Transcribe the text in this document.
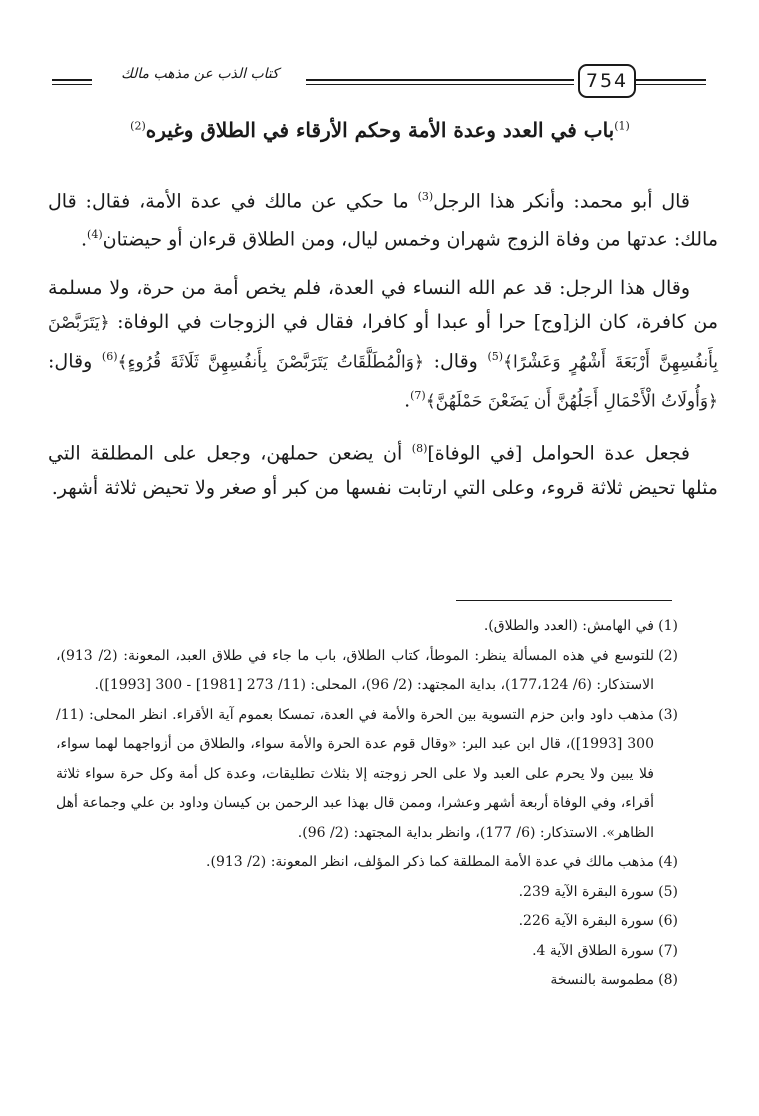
كتاب الذب عن مذهب مالك	754
$^{(1)}$باب في العدد وعدة الأمة وحكم الأرقاء في الطلاق وغيره$^{(2)}$

قال أبو محمد: وأنكر هذا الرجل$^{(3)}$ ما حكي عن مالك في عدة الأمة، فقال: قال مالك: عدتها من وفاة الزوج شهران وخمس ليال، ومن الطلاق قرءان أو حيضتان$^{(4)}$.

وقال هذا الرجل: قد عم الله النساء في العدة، فلم يخص أمة من حرة، ولا مسلمة من كافرة، كان الز[وج] حرا أو عبدا أو كافرا، فقال في الزوجات في الوفاة: ﴿يَتَرَبَّصْنَ بِأَنفُسِهِنَّ أَرْبَعَةَ أَشْهُرٍ وَعَشْرًا﴾$^{(5)}$ وقال: ﴿وَالْمُطَلَّقَاتُ يَتَرَبَّصْنَ بِأَنفُسِهِنَّ ثَلَاثَةَ قُرُوءٍ﴾$^{(6)}$ وقال: ﴿وَأُولَاتُ الْأَحْمَالِ أَجَلُهُنَّ أَن يَضَعْنَ حَمْلَهُنَّ﴾$^{(7)}$.

فجعل عدة الحوامل [في الوفاة]$^{(8)}$ أن يضعن حملهن، وجعل على المطلقة التي مثلها تحيض ثلاثة قروء، وعلى التي ارتابت نفسها من كبر أو صغر ولا تحيض ثلاثة أشهر.

(1)
في الهامش: (العدد والطلاق).

(2)
للتوسع في هذه المسألة ينظر: الموطأ، كتاب الطلاق، باب ما جاء في طلاق العبد، المعونة: (2/ 913)، الاستذكار: (6/ 177،124)، بداية المجتهد: (2/ 96)، المحلى: (11/ 273 [1981] - 300 [1993]).

(3)
مذهب داود وابن حزم التسوية بين الحرة والأمة في العدة، تمسكا بعموم آية الأقراء. انظر المحلى: (11/ 300 [1993])، قال ابن عبد البر: «وقال قوم عدة الحرة والأمة سواء، والطلاق من أزواجهما لهما سواء، فلا يبين ولا يحرم على العبد ولا على الحر زوجته إلا بثلاث تطليقات، وعدة كل أمة وكل حرة سواء ثلاثة أقراء، وفي الوفاة أربعة أشهر وعشرا، وممن قال بهذا عبد الرحمن بن كيسان وداود بن علي وجماعة أهل الظاهر». الاستذكار: (6/ 177)، وانظر بداية المجتهد: (2/ 96).

(4)
مذهب مالك في عدة الأمة المطلقة كما ذكر المؤلف، انظر المعونة: (2/ 913).

(5)
سورة البقرة الآية 239.

(6)
سورة البقرة الآية 226.

(7)
سورة الطلاق الآية 4.

(8)
مطموسة بالنسخة
